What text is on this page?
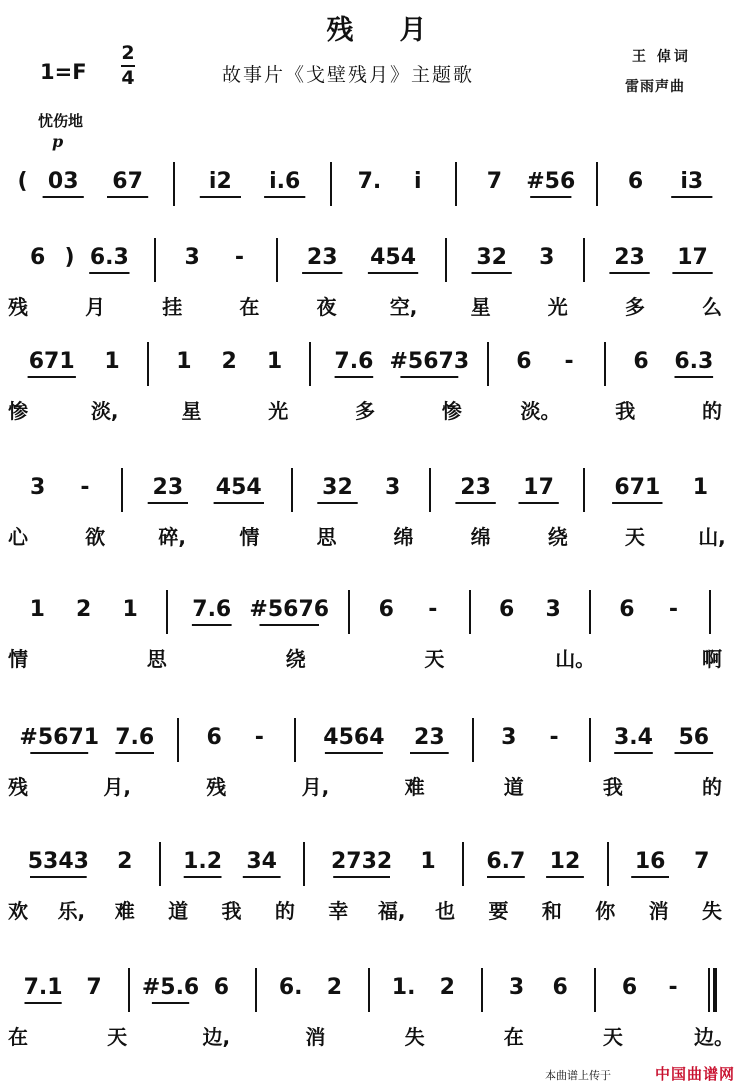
残月
1=F
2
4	故事片《戈壁残月》主题歌
王 倬词
雷雨声曲
忧伤地
p
( 03	67	i2	i.6	7.	i	7	#56	6	i3
6 ) 6.3	3	-	23	454	32	3	23	17
残	月	挂	在	夜	空,	星	光	多	么
671	1	1	2	1	7.6 #5673	6	-	6	6.3
惨	淡,	星	光	多	惨	淡。	我	的
3	-	23	454	32	3	23	17	671	1
心	欲	碎,	情	思	绵	绵	绕	天	山,
1	2	1	7.6 #5676	6	-	6	3	6	-
情	思	绕	天	山。	啊
#5671 7.6	6	-	4564	23	3	-	3.4	56
残	月,	残	月,	难	道	我	的
5343	2	1.2	34	2732	1	6.7	12	16	7
欢	乐,	难	道	我	的	幸	福,	也	要	和	你	消	失
7.1	7	#5.6 6	6.	2	1.	2	3	6	6	-
在	天	边,	消	失	在	天	边。
本曲谱上传于	中国曲谱网
